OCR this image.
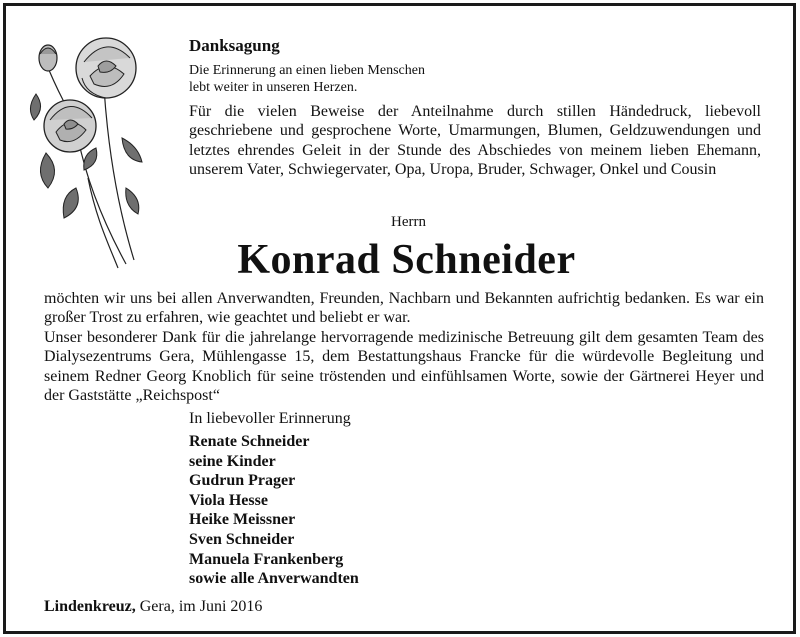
Danksagung
Die Erinnerung an einen lieben Menschen
lebt weiter in unseren Herzen.

Für die vielen Beweise der Anteilnahme durch stillen Händedruck, liebevoll geschriebene und gesprochene Worte, Umarmungen, Blumen, Geldzuwendungen und letztes ehrendes Geleit in der Stunde des Abschiedes von meinem lieben Ehemann, unserem Vater, Schwiegervater, Opa, Uropa, Bruder, Schwager, Onkel und Cousin

Herrn
Konrad Schneider
möchten wir uns bei allen Anverwandten, Freunden, Nachbarn und Bekannten aufrichtig bedanken. Es war ein großer Trost zu erfahren, wie geachtet und beliebt er war.
Unser besonderer Dank für die jahrelange hervorragende medizinische Betreuung gilt dem gesamten Team des Dialysezentrums Gera, Mühlengasse 15, dem Bestattungshaus Francke für die würdevolle Begleitung und seinem Redner Georg Knoblich für seine tröstenden und einfühlsamen Worte, sowie der Gärtnerei Heyer und der Gaststätte „Reichspost“
In liebevoller Erinnerung
Renate Schneider
seine Kinder
Gudrun Prager
Viola Hesse
Heike Meissner
Sven Schneider
Manuela Frankenberg
sowie alle Anverwandten
Lindenkreuz, Gera, im Juni 2016
